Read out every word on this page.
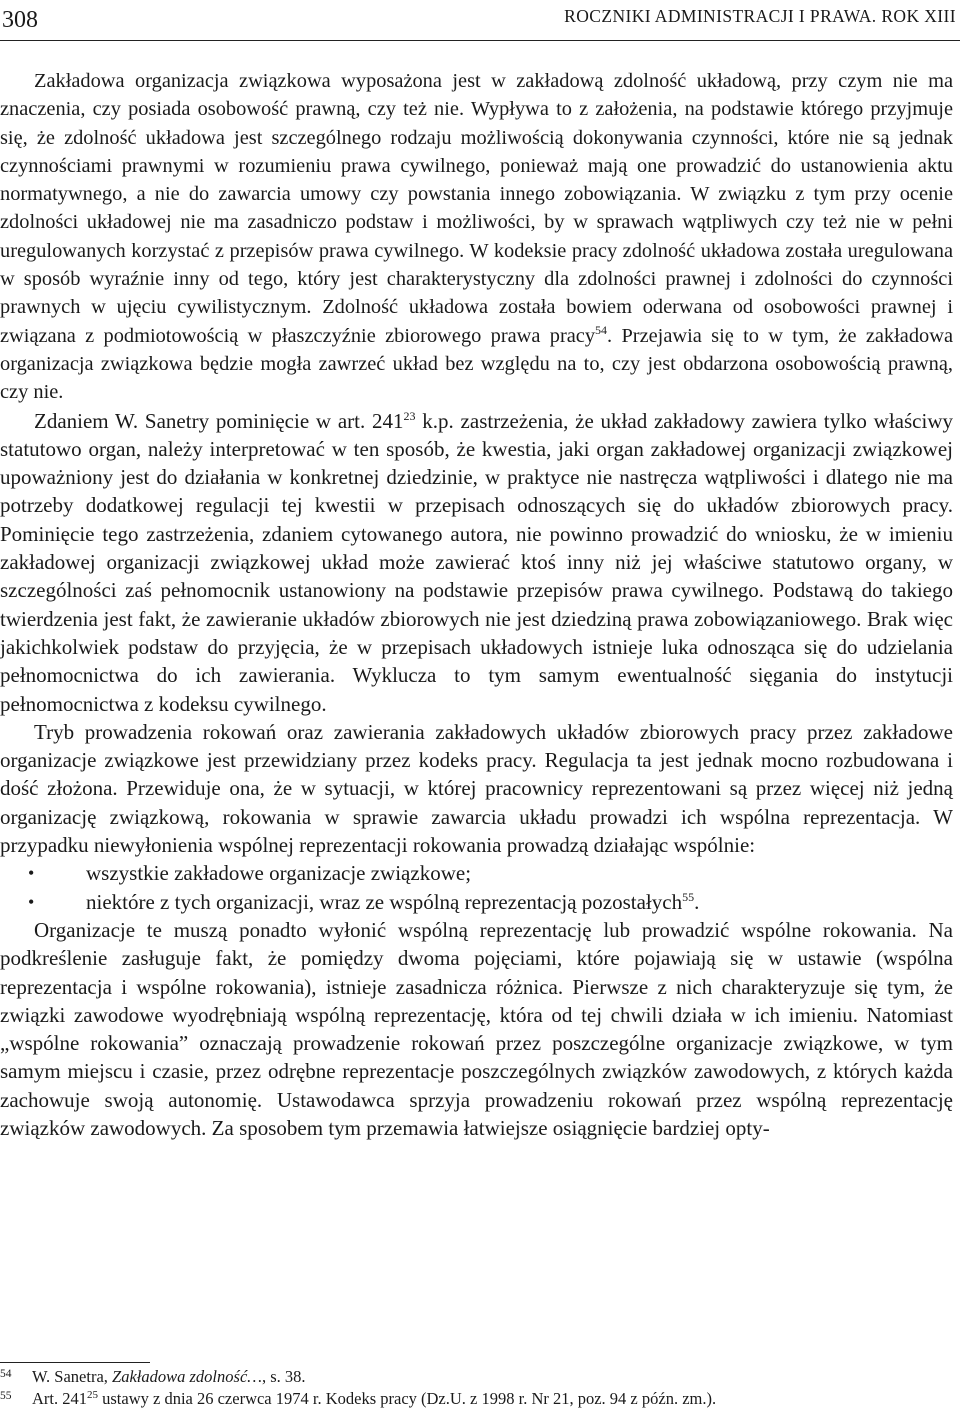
308	ROCZNIKI ADMINISTRACJI I PRAWA. ROK XIII

Zakładowa organizacja związkowa wyposażona jest w zakładową zdolność układową, przy czym nie ma znaczenia, czy posiada osobowość prawną, czy też nie. Wypływa to z założenia, na podstawie którego przyjmuje się, że zdolność układowa jest szczególnego rodzaju możliwością dokonywania czynności, które nie są jednak czynnościami prawnymi w rozumieniu prawa cywilnego, ponieważ mają one prowadzić do ustanowienia aktu normatywnego, a nie do zawarcia umowy czy powstania innego zobowiązania. W związku z tym przy ocenie zdolności układowej nie ma zasadniczo podstaw i możliwości, by w sprawach wątpliwych czy też nie w pełni uregulowanych korzystać z przepisów prawa cywilnego. W kodeksie pracy zdolność układowa została uregulowana w sposób wyraźnie inny od tego, który jest charakterystyczny dla zdolności prawnej i zdolności do czynności prawnych w ujęciu cywilistycznym. Zdolność układowa została bowiem oderwana od osobowości prawnej i związana z podmiotowością w płaszczyźnie zbiorowego prawa pracy$^{54}$. Przejawia się to w tym, że zakładowa organizacja związkowa będzie mogła zawrzeć układ bez względu na to, czy jest obdarzona osobowością prawną, czy nie.

Zdaniem W. Sanetry pominięcie w art. $241^{23}$ k.p. zastrzeżenia, że układ zakładowy zawiera tylko właściwy statutowo organ, należy interpretować w ten sposób, że kwestia, jaki organ zakładowej organizacji związkowej upoważniony jest do działania w konkretnej dziedzinie, w praktyce nie nastręcza wątpliwości i dlatego nie ma potrzeby dodatkowej regulacji tej kwestii w przepisach odnoszących się do układów zbiorowych pracy. Pominięcie tego zastrzeżenia, zdaniem cytowanego autora, nie powinno prowadzić do wniosku, że w imieniu zakładowej organizacji związkowej układ może zawierać ktoś inny niż jej właściwe statutowo organy, w szczególności zaś pełnomocnik ustanowiony na podstawie przepisów prawa cywilnego. Podstawą do takiego twierdzenia jest fakt, że zawieranie układów zbiorowych nie jest dziedziną prawa zobowiązaniowego. Brak więc jakichkolwiek podstaw do przyjęcia, że w przepisach układowych istnieje luka odnosząca się do udzielania pełnomocnictwa do ich zawierania. Wyklucza to tym samym ewentualność sięgania do instytucji pełnomocnictwa z kodeksu cywilnego.

Tryb prowadzenia rokowań oraz zawierania zakładowych układów zbiorowych pracy przez zakładowe organizacje związkowe jest przewidziany przez kodeks pracy. Regulacja ta jest jednak mocno rozbudowana i dość złożona. Przewiduje ona, że w sytuacji, w której pracownicy reprezentowani są przez więcej niż jedną organizację związkową, rokowania w sprawie zawarcia układu prowadzi ich wspólna reprezentacja. W przypadku niewyłonienia wspólnej reprezentacji rokowania prowadzą działając wspólnie:

• wszystkie zakładowe organizacje związkowe;
• niektóre z tych organizacji, wraz ze wspólną reprezentacją pozostałych$^{55}$.

Organizacje te muszą ponadto wyłonić wspólną reprezentację lub prowadzić wspólne rokowania. Na podkreślenie zasługuje fakt, że pomiędzy dwoma pojęciami, które pojawiają się w ustawie (wspólna reprezentacja i wspólne rokowania), istnieje zasadnicza różnica. Pierwsze z nich charakteryzuje się tym, że związki zawodowe wyodrębniają wspólną reprezentację, która od tej chwili działa w ich imieniu. Natomiast „wspólne rokowania” oznaczają prowadzenie rokowań przez poszczególne organizacje związkowe, w tym samym miejscu i czasie, przez odrębne reprezentacje poszczególnych związków zawodowych, z których każda zachowuje swoją autonomię. Ustawodawca sprzyja prowadzeniu rokowań przez wspólną reprezentację związków zawodowych. Za sposobem tym przemawia łatwiejsze osiągnięcie bardziej opty-

54 W. Sanetra, Zakładowa zdolność…, s. 38.

55 Art. 241$^{25}$ ustawy z dnia 26 czerwca 1974 r. Kodeks pracy (Dz.U. z 1998 r. Nr 21, poz. 94 z późn. zm.).
